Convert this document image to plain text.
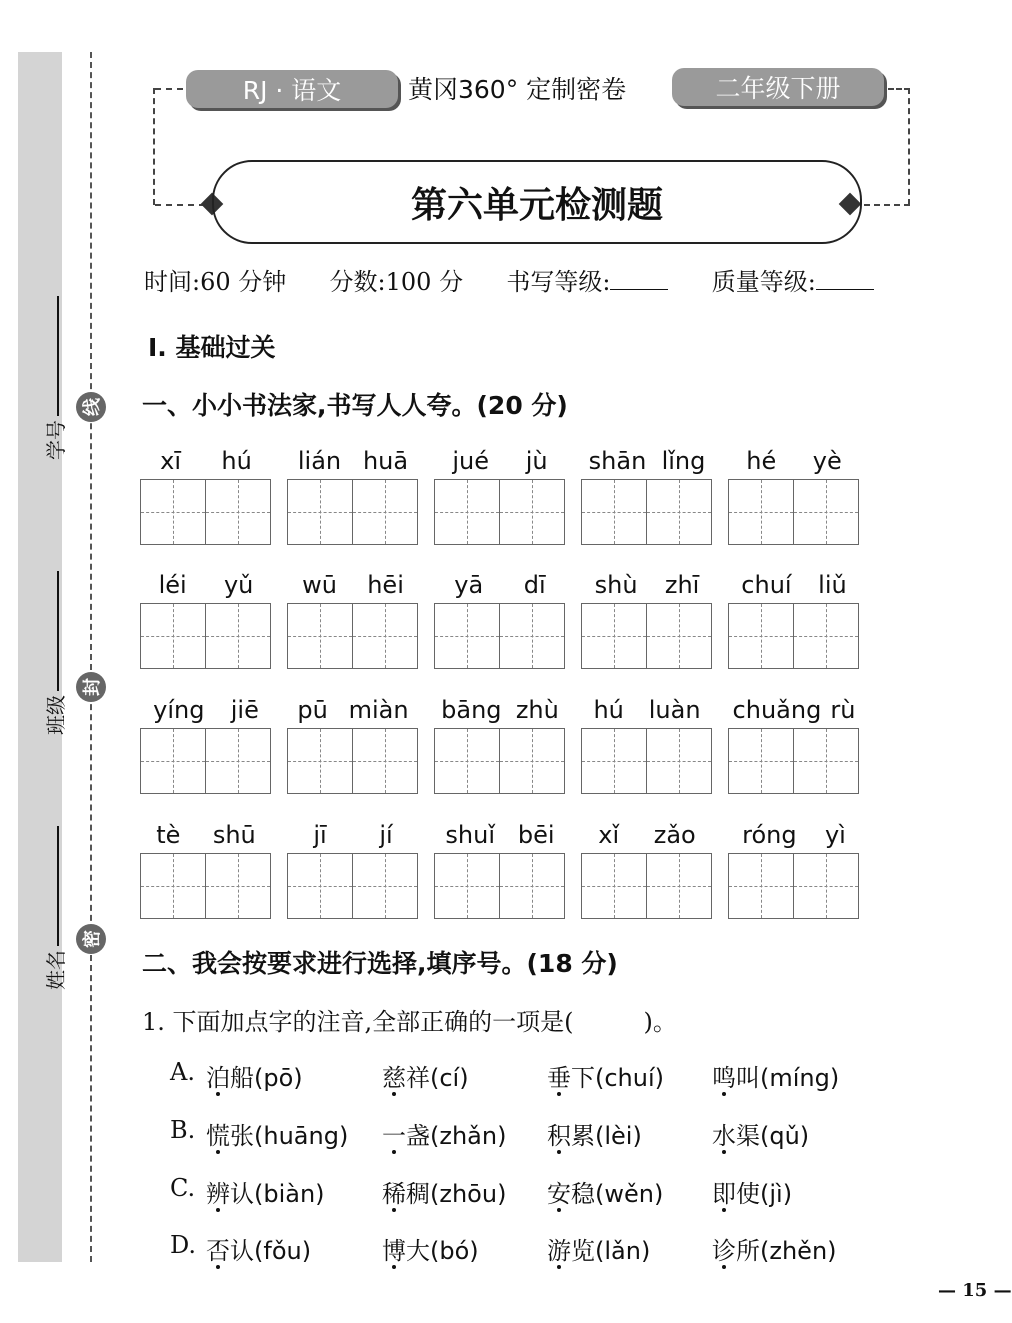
线
封
密
学号
班级
姓名
RJ · 语文	黄冈360° 定制密卷	二年级下册
第六单元检测题
时间:60 分钟 分数:100 分 书写等级:	质量等级:
Ⅰ. 基础过关
一、小小书法家,书写人人夸。(20 分)
xī hú lián huā jué jù shān lǐng hé yè
léi yǔ wū hēi yā dī shù zhī chuí liǔ
yíng jiē pū miàn bāng zhù hú luàn chuǎng rù
tè shū jī jí shuǐ bēi xǐ zǎo róng yì
二、我会按要求进行选择,填序号。(18 分)
1. 下面加点字的注音,全部正确的一项是(	)。
A. 泊船(pō)	慈祥(cí)	垂下(chuí) 鸣叫(míng)
B. 慌张(huāng) 一盏(zhǎn) 积累(lèi)	水渠(qǔ)
C. 辨认(biàn) 稀稠(zhōu) 安稳(wěn) 即使(jì)
D. 否认(fǒu)	博大(bó)	游览(lǎn)	诊所(zhěn)
— 15 —
